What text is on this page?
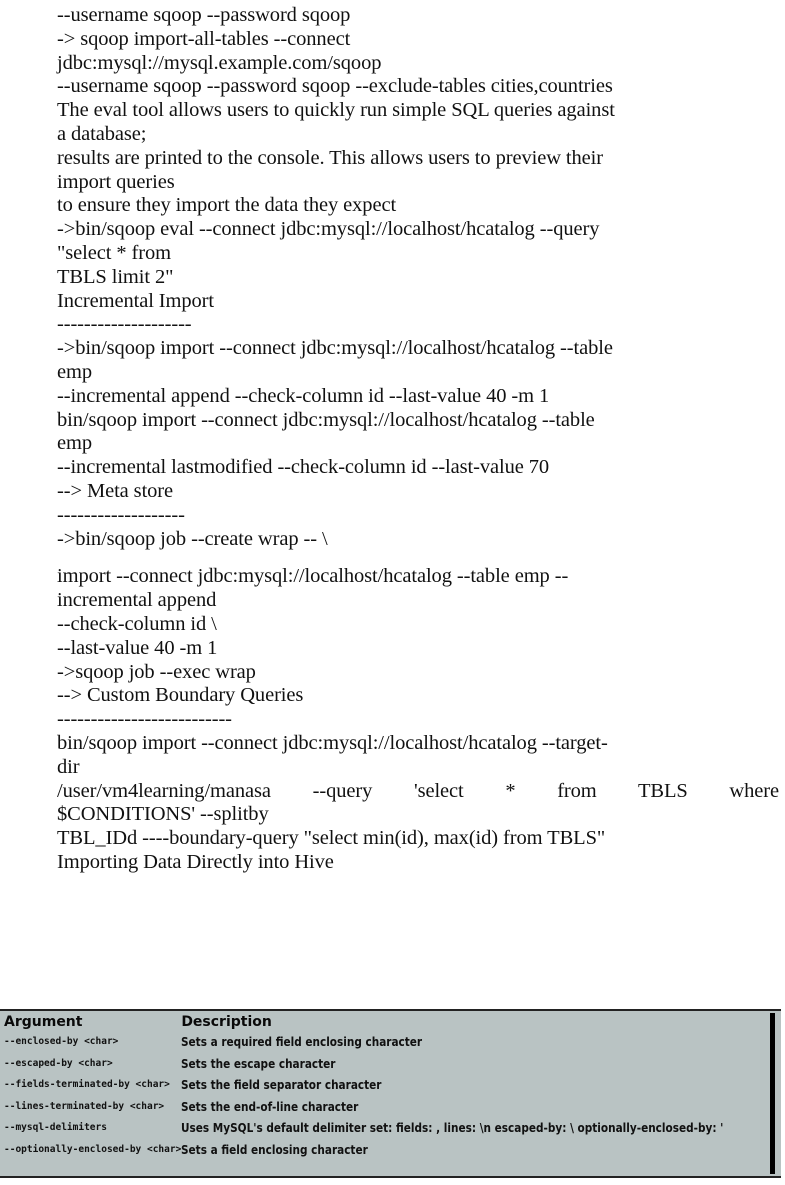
--username sqoop --password sqoop
-> sqoop import-all-tables --connect
jdbc:mysql://mysql.example.com/sqoop
--username sqoop --password sqoop --exclude-tables cities,countries
The eval tool allows users to quickly run simple SQL queries against
a database;
results are printed to the console. This allows users to preview their
import queries
to ensure they import the data they expect
->bin/sqoop eval --connect jdbc:mysql://localhost/hcatalog --query
"select * from
TBLS limit 2"
Incremental Import
--------------------
->bin/sqoop import --connect jdbc:mysql://localhost/hcatalog --table
emp
--incremental append --check-column id --last-value 40 -m 1
bin/sqoop import --connect jdbc:mysql://localhost/hcatalog --table
emp
--incremental lastmodified --check-column id --last-value 70
--> Meta store
-------------------
->bin/sqoop job --create wrap -- \
import --connect jdbc:mysql://localhost/hcatalog --table emp --
incremental append
--check-column id \
--last-value 40 -m 1
->sqoop job --exec wrap
--> Custom Boundary Queries
--------------------------
bin/sqoop import --connect jdbc:mysql://localhost/hcatalog --target-
dir
/user/vm4learning/manasa --query 'select * from TBLS where
$CONDITIONS' --splitby
TBL_IDd ----boundary-query "select min(id), max(id) from TBLS"
Importing Data Directly into Hive
Argument	Description
--enclosed-by <char>	Sets a required field enclosing character
--escaped-by <char>	Sets the escape character
--fields-terminated-by <char>	Sets the field separator character
--lines-terminated-by <char>	Sets the end-of-line character
--mysql-delimiters	Uses MySQL's default delimiter set: fields: , lines: \n escaped-by: \ optionally-enclosed-by: '
--optionally-enclosed-by <char>	Sets a field enclosing character
